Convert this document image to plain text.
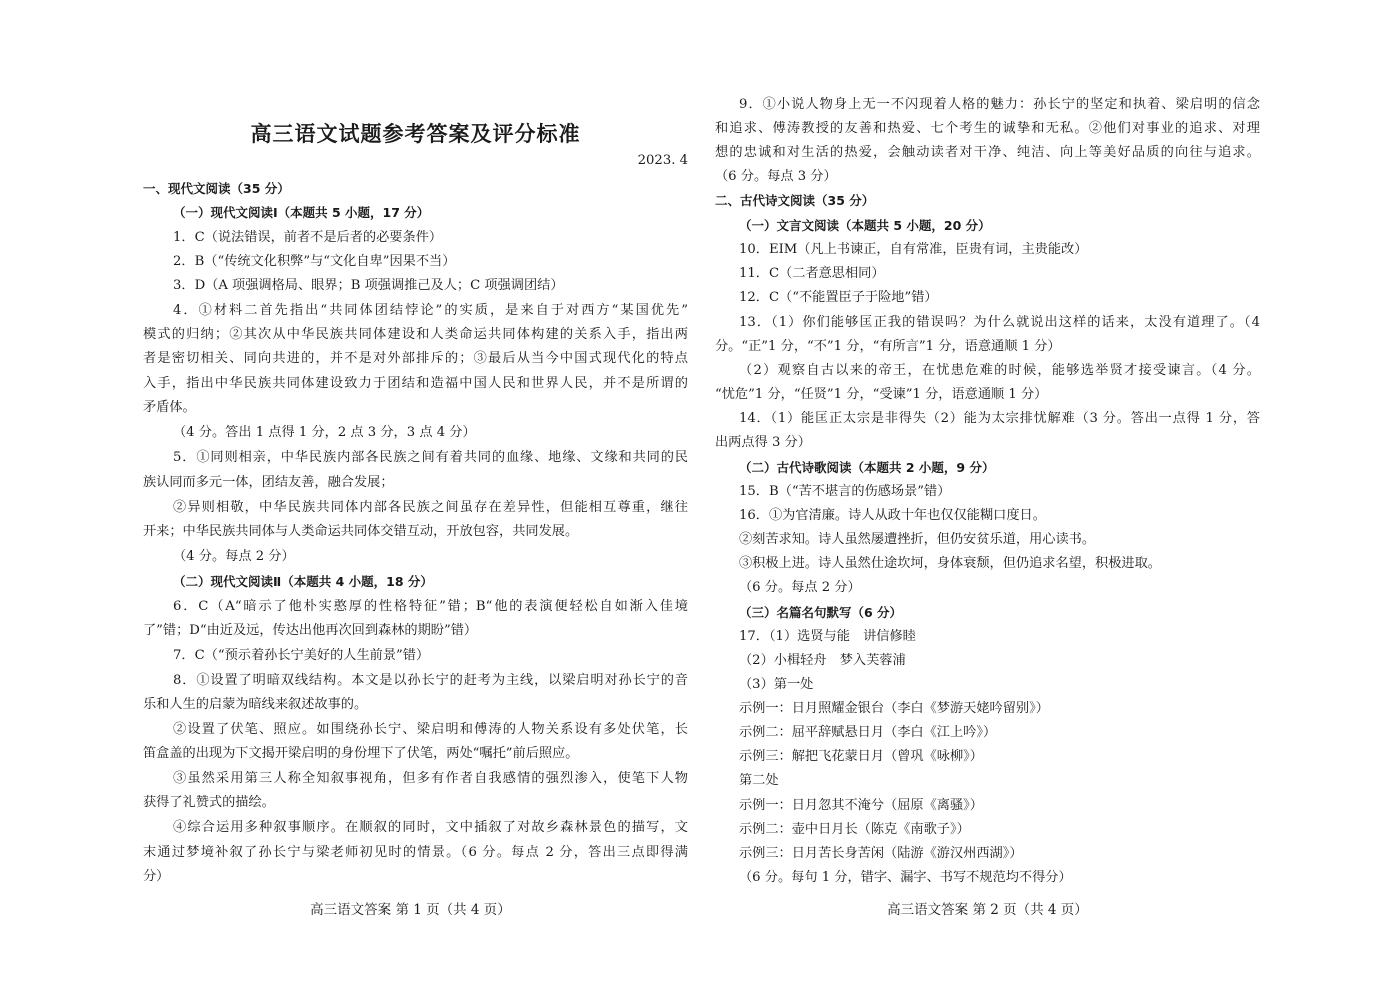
高三语文试题参考答案及评分标准
2023. 4
一、现代文阅读（35 分）
（一）现代文阅读Ⅰ（本题共 5 小题，17 分）
1．C（说法错误，前者不是后者的必要条件）
2．B（“传统文化积弊”与“文化自卑”因果不当）
3．D（A 项强调格局、眼界；B 项强调推己及人；C 项强调团结）
4．①材料二首先指出“共同体团结悖论”的实质，是来自于对西方“某国优先”
模式的归纳；②其次从中华民族共同体建设和人类命运共同体构建的关系入手，指出两
者是密切相关、同向共进的，并不是对外部排斥的；③最后从当今中国式现代化的特点
入手，指出中华民族共同体建设致力于团结和造福中国人民和世界人民，并不是所谓的
矛盾体。
（4 分。答出 1 点得 1 分，2 点 3 分，3 点 4 分）
5．①同则相亲，中华民族内部各民族之间有着共同的血缘、地缘、文缘和共同的民
族认同而多元一体，团结友善，融合发展；
②异则相敬，中华民族共同体内部各民族之间虽存在差异性，但能相互尊重，继往
开来；中华民族共同体与人类命运共同体交错互动，开放包容，共同发展。
（4 分。每点 2 分）
（二）现代文阅读Ⅱ（本题共 4 小题，18 分）
6．C（A“暗示了他朴实憨厚的性格特征”错；B“他的表演便轻松自如渐入佳境
了”错；D“由近及远，传达出他再次回到森林的期盼”错）
7．C（“预示着孙长宁美好的人生前景”错）
8．①设置了明暗双线结构。本文是以孙长宁的赶考为主线，以梁启明对孙长宁的音
乐和人生的启蒙为暗线来叙述故事的。
②设置了伏笔、照应。如围绕孙长宁、梁启明和傅涛的人物关系设有多处伏笔，长
笛盒盖的出现为下文揭开梁启明的身份埋下了伏笔，两处“嘱托”前后照应。
③虽然采用第三人称全知叙事视角，但多有作者自我感情的强烈渗入，使笔下人物
获得了礼赞式的描绘。
④综合运用多种叙事顺序。在顺叙的同时，文中插叙了对故乡森林景色的描写，文
末通过梦境补叙了孙长宁与梁老师初见时的情景。（6 分。每点 2 分，答出三点即得满
分）
高三语文答案 第 1 页（共 4 页）
9．①小说人物身上无一不闪现着人格的魅力：孙长宁的坚定和执着、梁启明的信念
和追求、傅涛教授的友善和热爱、七个考生的诚挚和无私。②他们对事业的追求、对理
想的忠诚和对生活的热爱，会触动读者对干净、纯洁、向上等美好品质的向往与追求。
（6 分。每点 3 分）
二、古代诗文阅读（35 分）
（一）文言文阅读（本题共 5 小题，20 分）
10．EIM（凡上书谏正，自有常准，臣贵有词，主贵能改）
11．C（二者意思相同）
12．C（“不能置臣子于险地”错）
13．（1）你们能够匡正我的错误吗？为什么就说出这样的话来，太没有道理了。（4
分。“正”1 分，“不”1 分，“有所言”1 分，语意通顺 1 分）
（2）观察自古以来的帝王，在忧患危难的时候，能够选举贤才接受谏言。（4 分。
“忧危”1 分，“任贤”1 分，“受谏”1 分，语意通顺 1 分）
14．（1）能匡正太宗是非得失（2）能为太宗排忧解难（3 分。答出一点得 1 分，答
出两点得 3 分）
（二）古代诗歌阅读（本题共 2 小题，9 分）
15．B（“苦不堪言的伤感场景”错）
16．①为官清廉。诗人从政十年也仅仅能糊口度日。
②刻苦求知。诗人虽然屡遭挫折，但仍安贫乐道，用心读书。
③积极上进。诗人虽然仕途坎坷，身体衰颓，但仍追求名望，积极进取。
（6 分。每点 2 分）
（三）名篇名句默写（6 分）
17．（1）选贤与能　讲信修睦
（2）小楫轻舟　梦入芙蓉浦
（3）第一处
示例一：日月照耀金银台（李白《梦游天姥吟留别》）
示例二：屈平辞赋悬日月（李白《江上吟》）
示例三：解把飞花蒙日月（曾巩《咏柳》）
第二处
示例一：日月忽其不淹兮（屈原《离骚》）
示例二：壶中日月长（陈克《南歌子》）
示例三：日月苦长身苦闲（陆游《游汉州西湖》）
（6 分。每句 1 分，错字、漏字、书写不规范均不得分）
高三语文答案 第 2 页（共 4 页）
